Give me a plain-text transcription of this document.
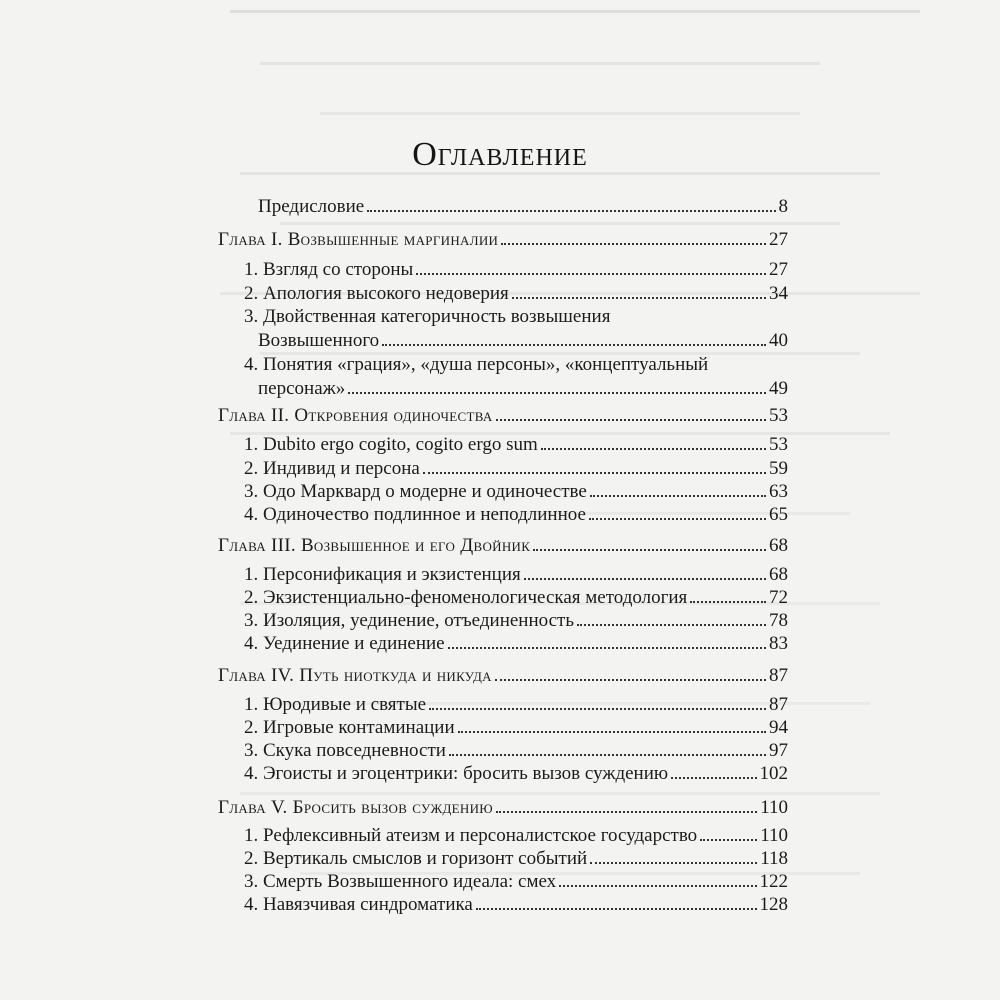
Оглавление
Предисловие	8
Глава I. Возвышенные маргиналии	27
1. Взгляд со стороны	27
2. Апология высокого недоверия	34
3. Двойственная категоричность возвышения
Возвышенного	40
4. Понятия «грация», «душа персоны», «концептуальный
персонаж»	49
Глава II. Откровения одиночества	53
1. Dubito ergo cogito, cogito ergo sum	53
2. Индивид и персона	59
3. Одо Марквард о модерне и одиночестве	63
4. Одиночество подлинное и неподлинное	65
Глава III. Возвышенное и его Двойник	68
1. Персонификация и экзистенция	68
2. Экзистенциально-феноменологическая методология	72
3. Изоляция, уединение, отъединенность	78
4. Уединение и единение	83
Глава IV. Путь ниоткуда и никуда	87
1. Юродивые и святые	87
2. Игровые контаминации	94
3. Скука повседневности	97
4. Эгоисты и эгоцентрики: бросить вызов суждению	102
Глава V. Бросить вызов суждению	110
1. Рефлексивный атеизм и персоналистское государство	110
2. Вертикаль смыслов и горизонт событий	118
3. Смерть Возвышенного идеала: смех	122
4. Навязчивая синдроматика	128
